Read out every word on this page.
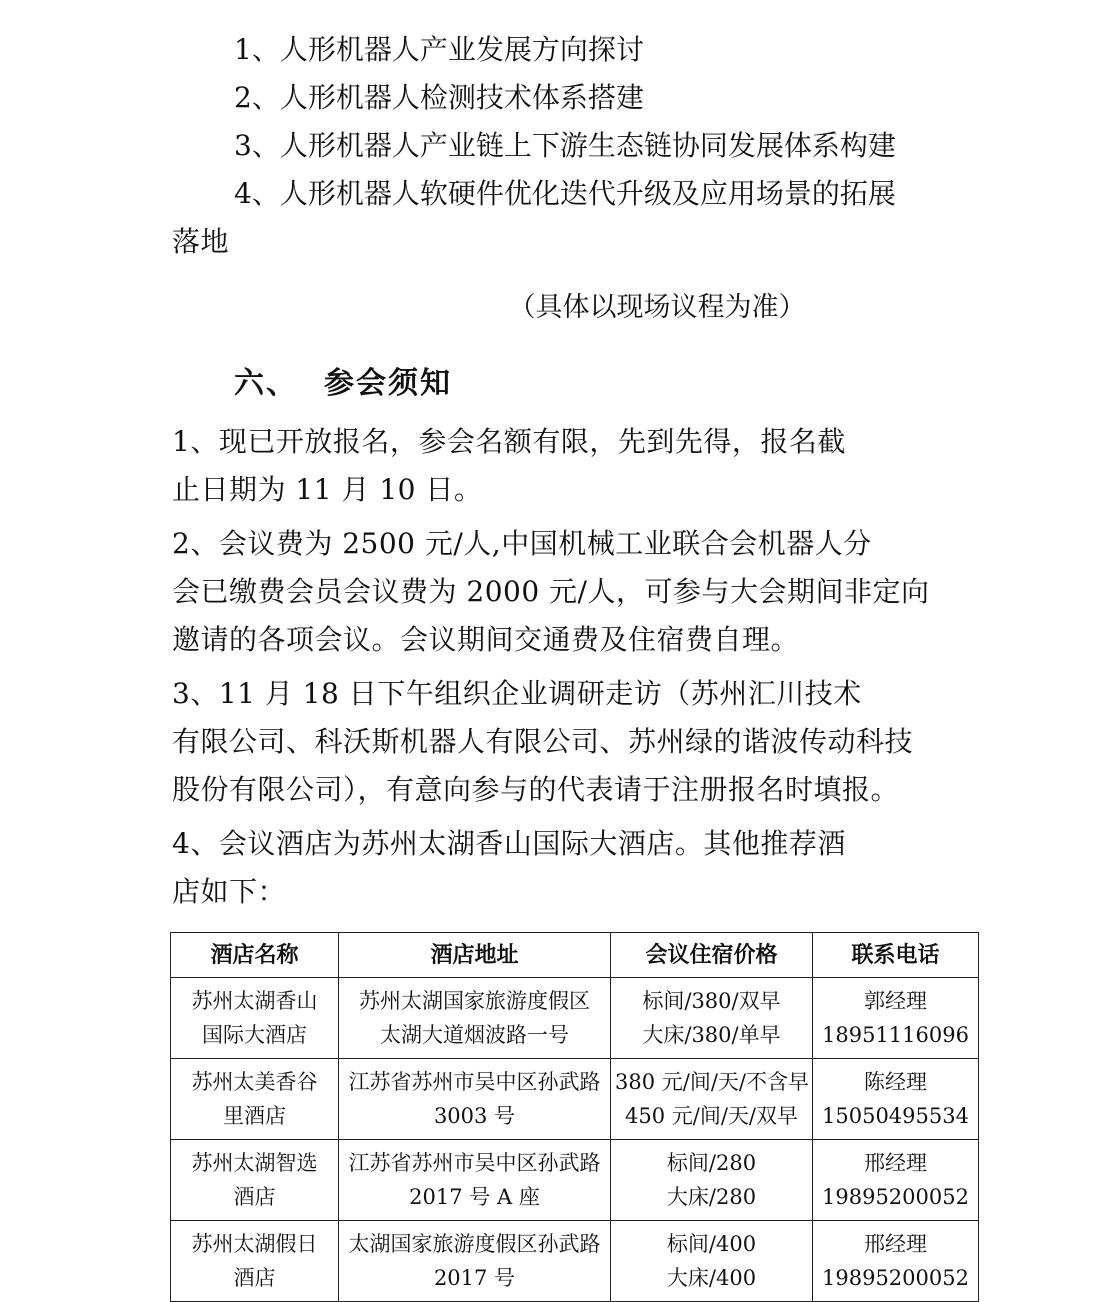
1、人形机器人产业发展方向探讨

2、人形机器人检测技术体系搭建

3、人形机器人产业链上下游生态链协同发展体系构建

4、人形机器人软硬件优化迭代升级及应用场景的拓展

落地

（具体以现场议程为准）

六、 参会须知

1、现已开放报名，参会名额有限，先到先得，报名截

止日期为 11 月 10 日。

2、会议费为 2500 元/人,中国机械工业联合会机器人分

会已缴费会员会议费为 2000 元/人，可参与大会期间非定向

邀请的各项会议。会议期间交通费及住宿费自理。

3、11 月 18 日下午组织企业调研走访（苏州汇川技术

有限公司、科沃斯机器人有限公司、苏州绿的谐波传动科技

股份有限公司），有意向参与的代表请于注册报名时填报。

4、会议酒店为苏州太湖香山国际大酒店。其他推荐酒

店如下：

酒店名称	酒店地址	会议住宿价格	联系电话

苏州太湖香山
国际大酒店	苏州太湖国家旅游度假区
太湖大道烟波路一号	标间/380/双早
大床/380/单早	郭经理
18951116096

苏州太美香谷
里酒店	江苏省苏州市吴中区孙武路
3003 号	380 元/间/天/不含早
450 元/间/天/双早	陈经理
15050495534

苏州太湖智选
酒店	江苏省苏州市吴中区孙武路
2017 号 A 座	标间/280
大床/280	邢经理
19895200052

苏州太湖假日
酒店	太湖国家旅游度假区孙武路
2017 号	标间/400
大床/400	邢经理
19895200052
